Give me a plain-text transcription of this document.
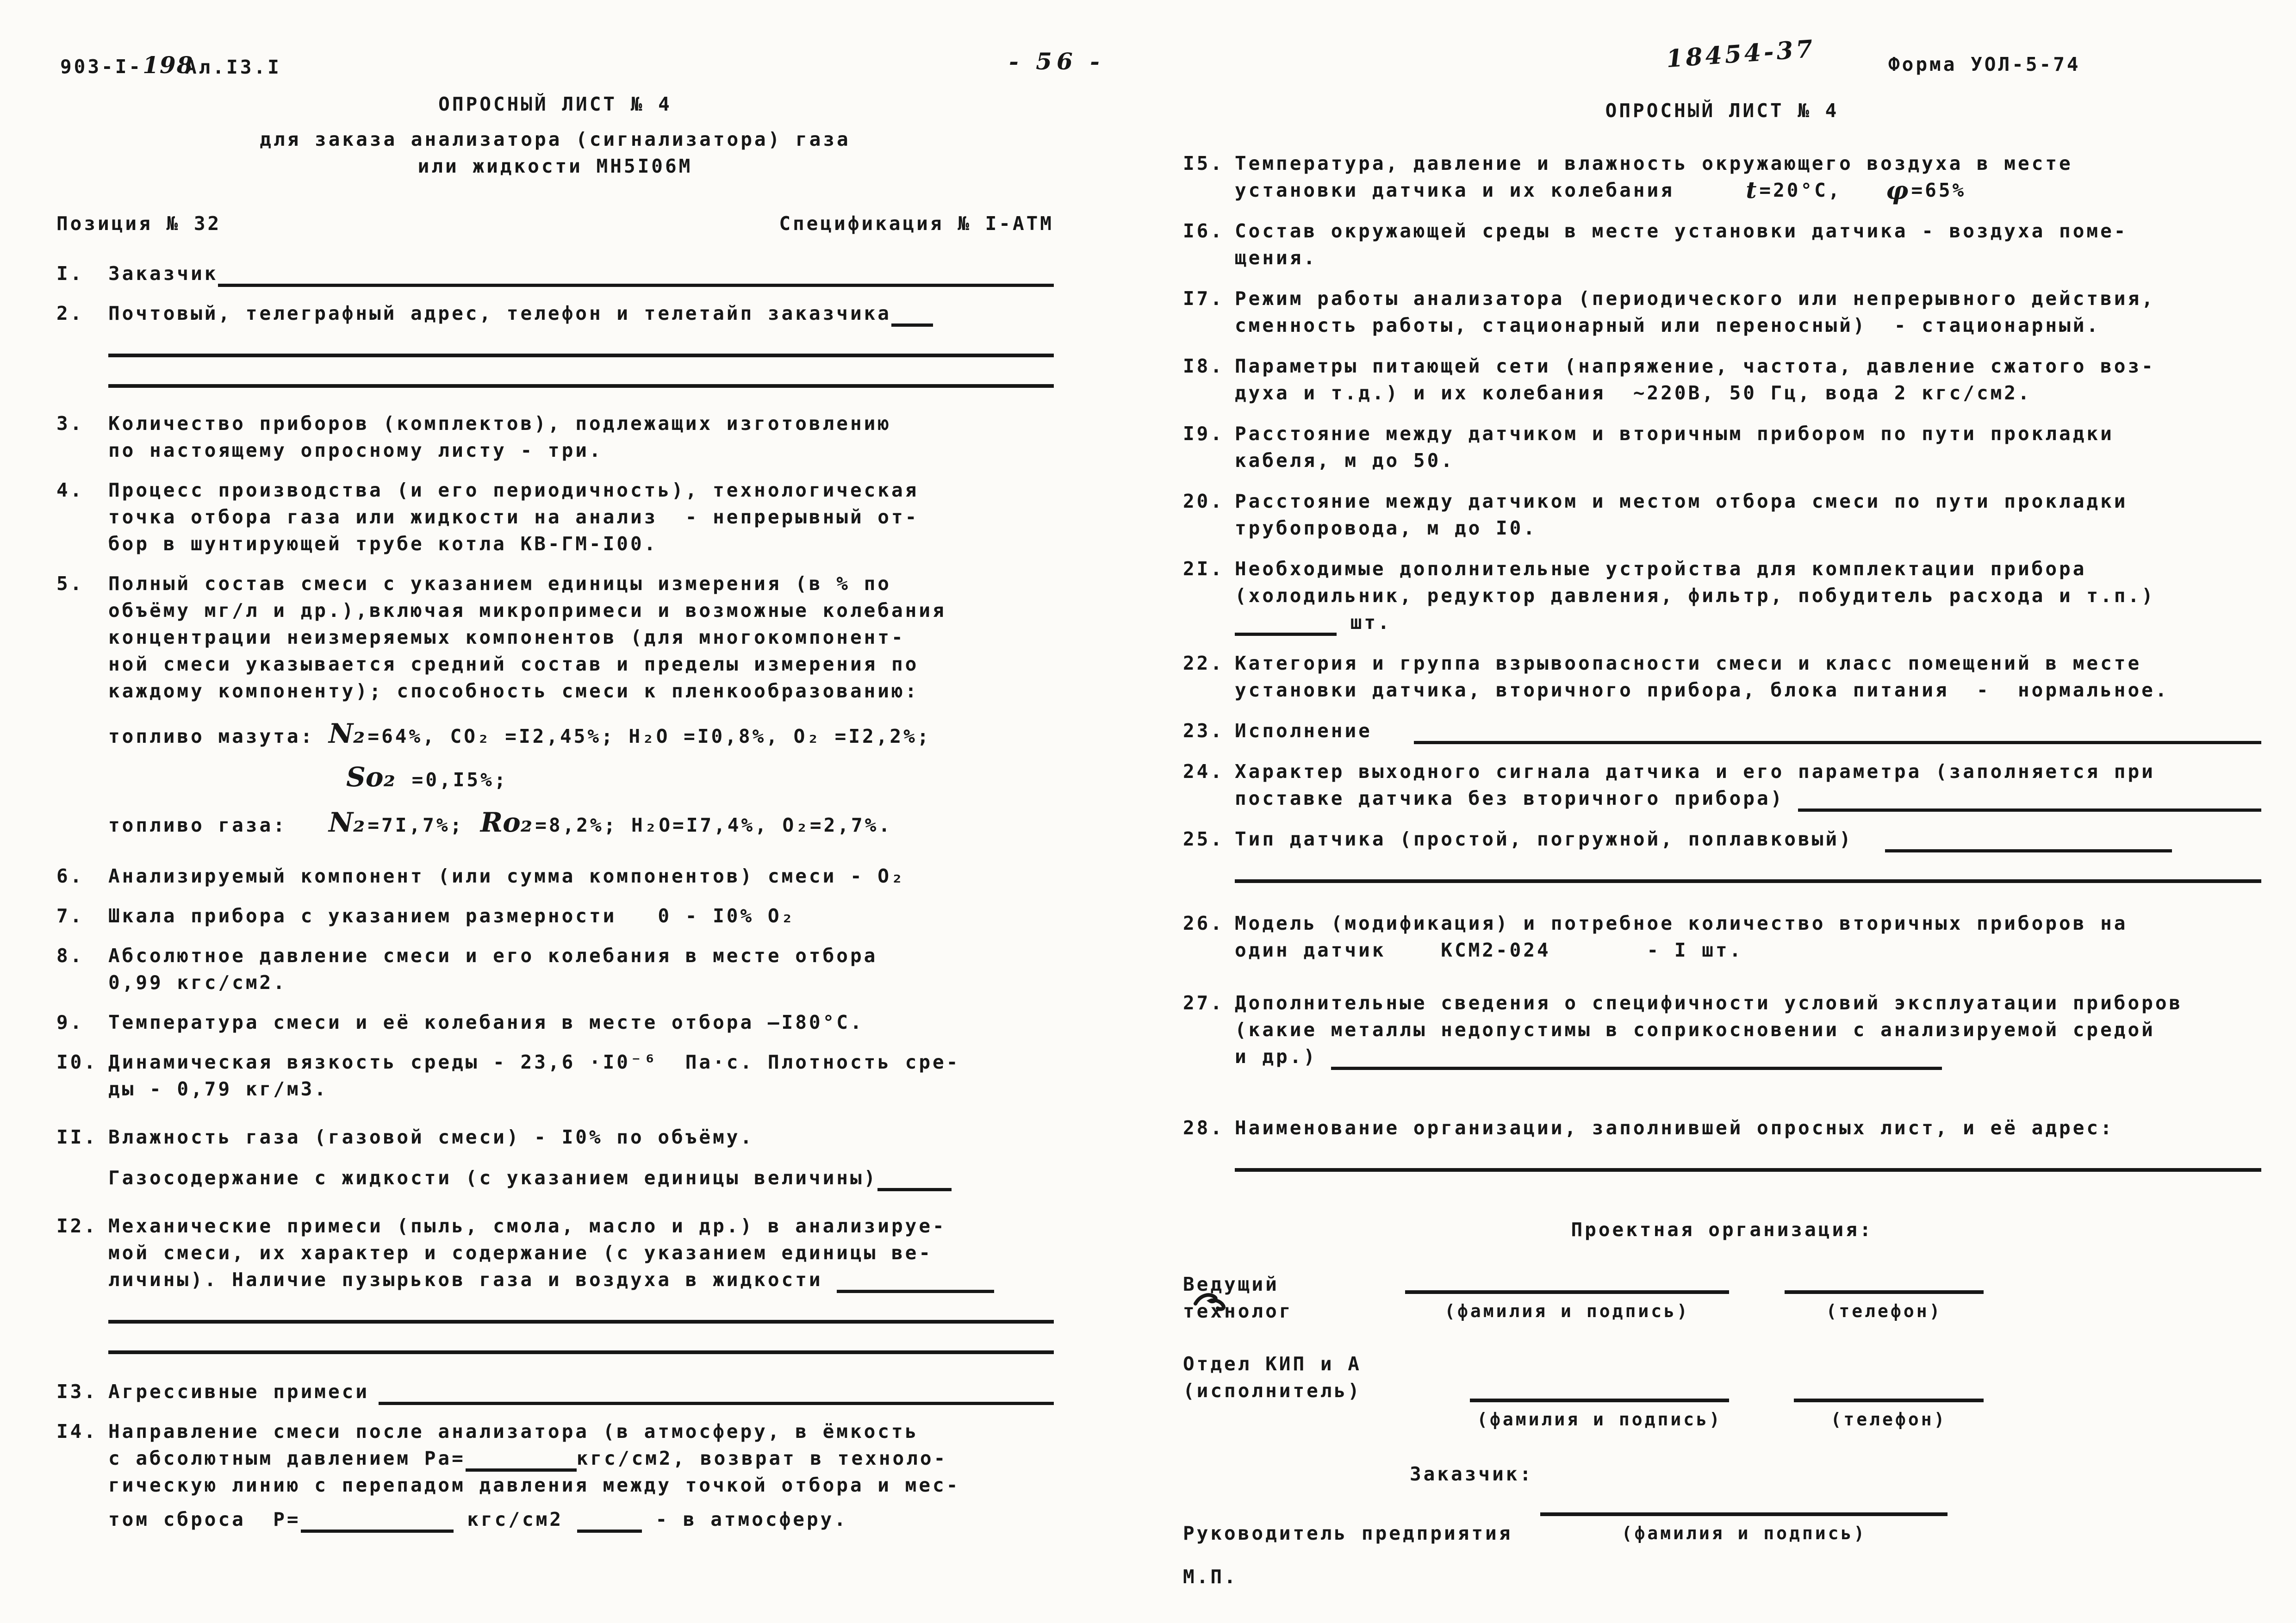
903-I- 198
Ал.I3.I	- 56 -	18454-37	Форма УОЛ-5-74
ОПРОСНЫЙ ЛИСТ № 4
для заказа анализатора (сигнализатора) газа
или жидкости МН5I06М
Позиция № 32	Спецификация № I-АТМ
I.	Заказчик
2.	Почтовый, телеграфный адрес, телефон и телетайп заказчика
3.	Количество приборов (комплектов), подлежащих изготовлению
по настоящему опросному листу - три.
4.	Процесс производства (и его периодичность), технологическая
точка отбора газа или жидкости на анализ  - непрерывный от-
бор в шунтирующей трубе котла КВ-ГМ-I00.
5.	Полный состав смеси с указанием единицы измерения (в % по
объёму мг/л и др.),включая микропримеси и возможные колебания
концентрации неизмеряемых компонентов (для многокомпонент-
ной смеси указывается средний состав и пределы измерения по
каждому компоненту); способность смеси к пленкообразованию:
топливо мазута: N₂ =64%, СО₂ =I2,45%; Н₂О =I0,8%, О₂ =I2,2%;
Sо₂ =0,I5%;
топливо газа:	N₂ =7I,7%; Rо₂ =8,2%; Н₂О=I7,4%, О₂=2,7%.
6.	Анализируемый компонент (или сумма компонентов) смеси - О₂
7.	Шкала прибора с указанием размерности   0 - I0% О₂
8.	Абсолютное давление смеси и его колебания в месте отбора
0,99 кгс/см2.
9.	Температура смеси и её колебания в месте отбора —I80°С.
I0. Динамическая вязкость среды - 23,6 ·I0⁻⁶  Па·с. Плотность сре-
ды - 0,79 кг/м3.
II. Влажность газа (газовой смеси) - I0% по объёму.
Газосодержание с жидкости (с указанием единицы величины)
I2. Механические примеси (пыль, смола, масло и др.) в анализируе-
мой смеси, их характер и содержание (с указанием единицы ве-
личины). Наличие пузырьков газа и воздуха в жидкости
I3. Агрессивные примеси
I4. Направление смеси после анализатора (в атмосферу, в ёмкость
с абсолютным давлением Ра=	кгс/см2, возврат в техноло-
гическую линию с перепадом давления между точкой отбора и мес-
том сброса Р=	кгс/см2	- в атмосферу.
ОПРОСНЫЙ ЛИСТ № 4
I5. Температура, давление и влажность окружающего воздуха в месте
установки датчика и их колебания t =20°С, φ =65%
I6. Состав окружающей среды в месте установки датчика - воздуха поме-
щения.
I7. Режим работы анализатора (периодического или непрерывного действия,
сменность работы, стационарный или переносный)  - стационарный.
I8. Параметры питающей сети (напряжение, частота, давление сжатого воз-
духа и т.д.) и их колебания  ~220В, 50 Гц, вода 2 кгс/см2.
I9. Расстояние между датчиком и вторичным прибором по пути прокладки
кабеля, м до 50.
20. Расстояние между датчиком и местом отбора смеси по пути прокладки
трубопровода, м до I0.
2I. Необходимые дополнительные устройства для комплектации прибора
(холодильник, редуктор давления, фильтр, побудитель расхода и т.п.)
шт.
22. Категория и группа взрывоопасности смеси и класс помещений в месте
установки датчика, вторичного прибора, блока питания  -  нормальное.
23. Исполнение
24. Характер выходного сигнала датчика и его параметра (заполняется при
поставке датчика без вторичного прибора)
25. Тип датчика (простой, погружной, поплавковый)
26. Модель (модификация) и потребное количество вторичных приборов на
один датчик    КСМ2-024       - I шт.
27. Дополнительные сведения о специфичности условий эксплуатации приборов
(какие металлы недопустимы в соприкосновении с анализируемой средой
и др.)
28. Наименование организации, заполнившей опросных лист, и её адрес:
Проектная организация:
Ведущий технолог	(фамилия и подпись)	(телефон)
Отдел КИП и А
(исполнитель)
(фамилия и подпись)	(телефон)
Заказчик:
Руководитель предприятия	(фамилия и подпись)
М.П.
